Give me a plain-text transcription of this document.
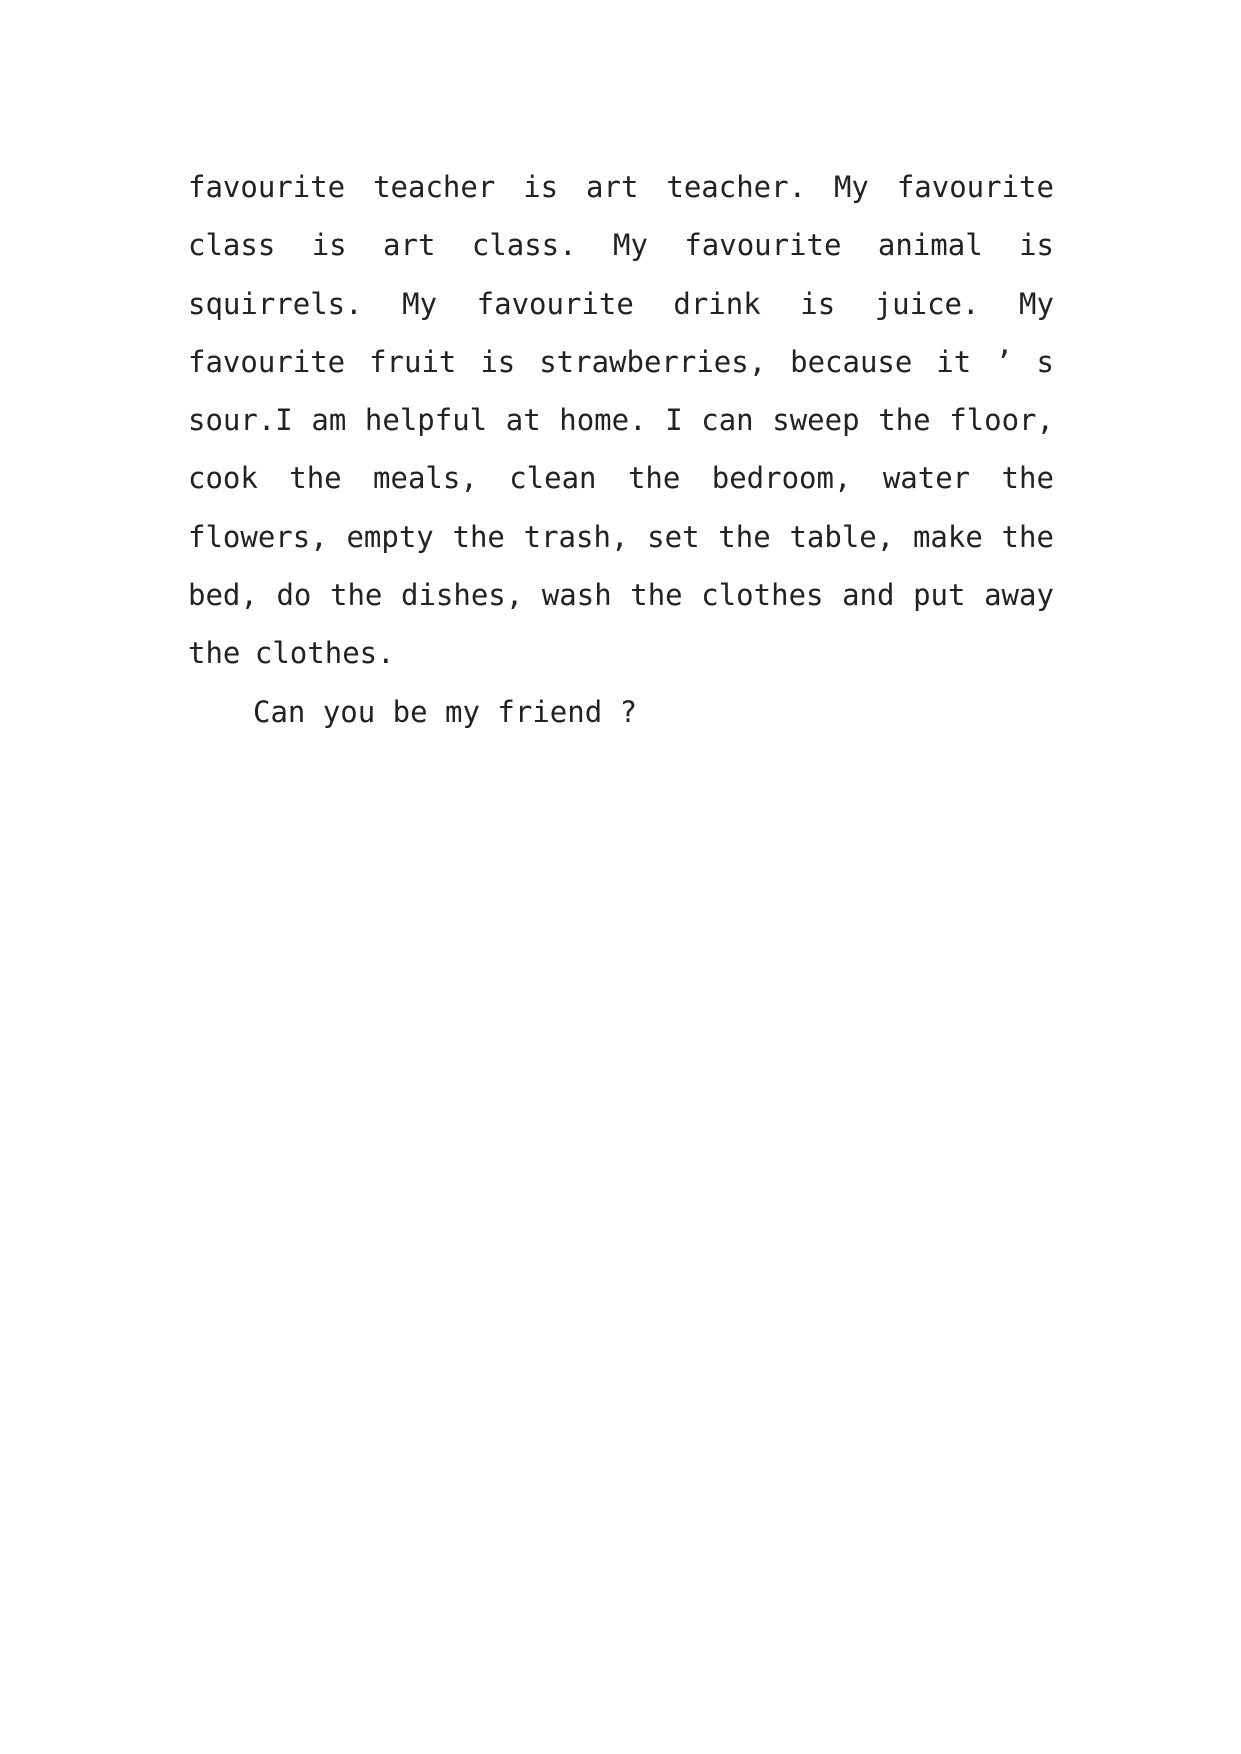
favourite teacher is art teacher. My favourite
class is art class. My favourite animal is
squirrels. My favourite drink is juice. My
favourite fruit is strawberries, because it ’ s
sour.I am helpful at home. I can sweep the floor,
cook the meals, clean the bedroom, water the
flowers, empty the trash, set the table, make the
bed, do the dishes, wash the clothes and put away
the clothes.
Can you be my friend ?
